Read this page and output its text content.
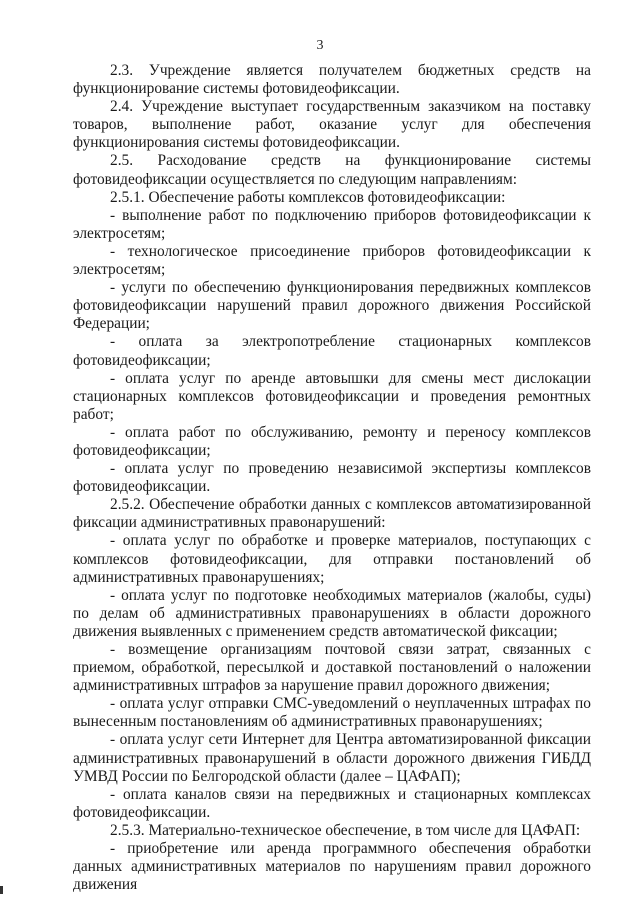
3

2.3. Учреждение является получателем бюджетных средств на функционирование системы фотовидеофиксации.

2.4. Учреждение выступает государственным заказчиком на поставку товаров, выполнение работ, оказание услуг для обеспечения функционирования системы фотовидеофиксации.

2.5. Расходование средств на функционирование системы фотовидеофиксации осуществляется по следующим направлениям:

2.5.1. Обеспечение работы комплексов фотовидеофиксации:

- выполнение работ по подключению приборов фотовидеофиксации к электросетям;

- технологическое присоединение приборов фотовидеофиксации к электросетям;

- услуги по обеспечению функционирования передвижных комплексов фотовидеофиксации нарушений правил дорожного движения Российской Федерации;

- оплата за электропотребление стационарных комплексов фотовидеофиксации;

- оплата услуг по аренде автовышки для смены мест дислокации стационарных комплексов фотовидеофиксации и проведения ремонтных работ;

- оплата работ по обслуживанию, ремонту и переносу комплексов фотовидеофиксации;

- оплата услуг по проведению независимой экспертизы комплексов фотовидеофиксации.

2.5.2. Обеспечение обработки данных с комплексов автоматизированной фиксации административных правонарушений:

- оплата услуг по обработке и проверке материалов, поступающих с комплексов фотовидеофиксации, для отправки постановлений об административных правонарушениях;

- оплата услуг по подготовке необходимых материалов (жалобы, суды) по делам об административных правонарушениях в области дорожного движения выявленных с применением средств автоматической фиксации;

- возмещение организациям почтовой связи затрат, связанных с приемом, обработкой, пересылкой и доставкой постановлений о наложении административных штрафов за нарушение правил дорожного движения;

- оплата услуг отправки СМС-уведомлений о неуплаченных штрафах по вынесенным постановлениям об административных правонарушениях;

- оплата услуг сети Интернет для Центра автоматизированной фиксации административных правонарушений в области дорожного движения ГИБДД УМВД России по Белгородской области (далее – ЦАФАП);

- оплата каналов связи на передвижных и стационарных комплексах фотовидеофиксации.

2.5.3. Материально-техническое обеспечение, в том числе для ЦАФАП:

- приобретение или аренда программного обеспечения обработки данных административных материалов по нарушениям правил дорожного движения
